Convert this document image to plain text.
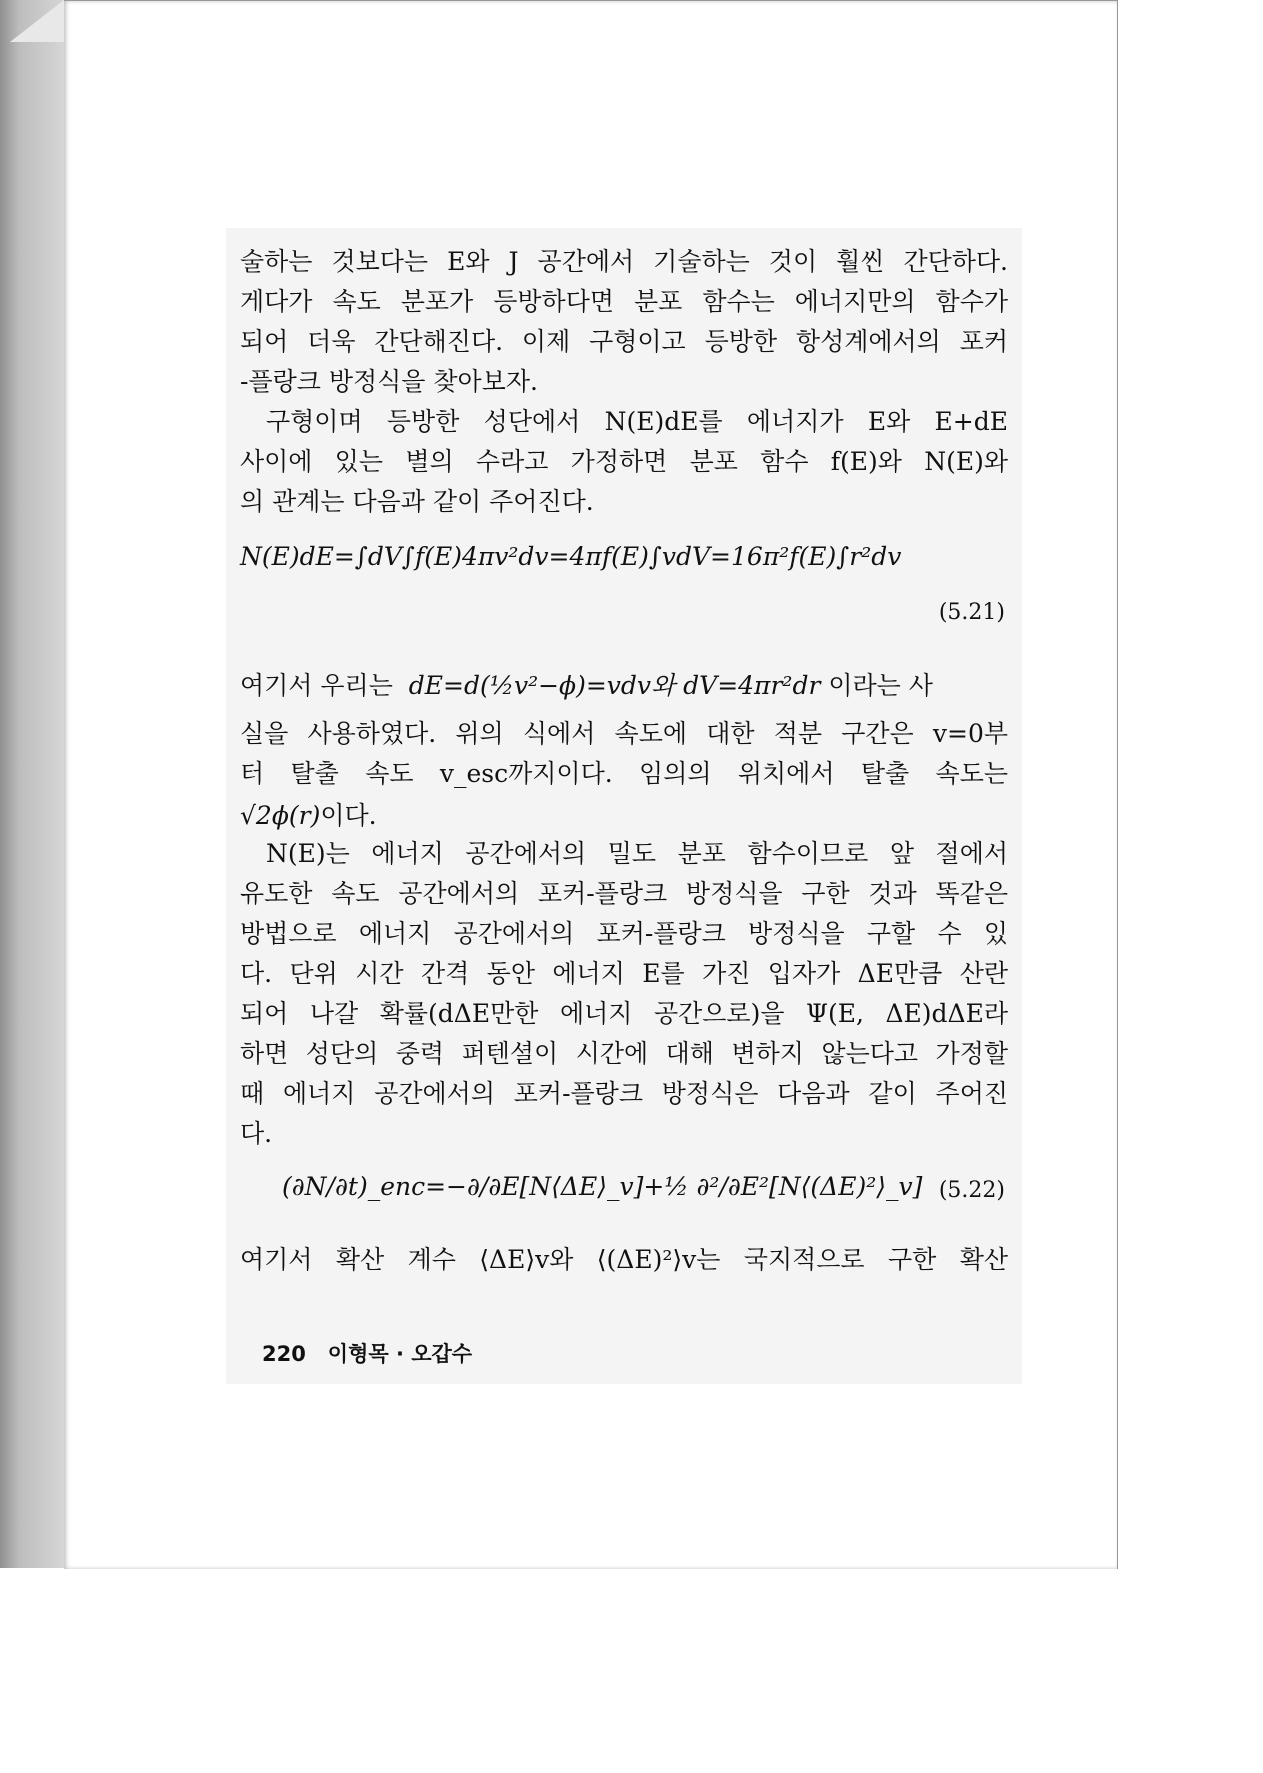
술하는 것보다는 E와 J 공간에서 기술하는 것이 훨씬 간단하다.
게다가 속도 분포가 등방하다면 분포 함수는 에너지만의 함수가
되어 더욱 간단해진다. 이제 구형이고 등방한 항성계에서의 포커
-플랑크 방정식을 찾아보자.
구형이며 등방한 성단에서 N(E)dE를 에너지가 E와 E+dE
사이에 있는 별의 수라고 가정하면 분포 함수 f(E)와 N(E)와
의 관계는 다음과 같이 주어진다.
N(E)dE=∫dV∫f(E)4πv²dv=4πf(E)∫vdV=16π²f(E)∫r²dv
(5.21)
여기서 우리는 dE=d(½v²−ϕ)=vdv와 dV=4πr²dr 이라는 사
실을 사용하였다. 위의 식에서 속도에 대한 적분 구간은 v=0부
터 탈출 속도 v_esc까지이다. 임의의 위치에서 탈출 속도는
√2ϕ(r)이다.
N(E)는 에너지 공간에서의 밀도 분포 함수이므로 앞 절에서
유도한 속도 공간에서의 포커-플랑크 방정식을 구한 것과 똑같은
방법으로 에너지 공간에서의 포커-플랑크 방정식을 구할 수 있
다. 단위 시간 간격 동안 에너지 E를 가진 입자가 ΔE만큼 산란
되어 나갈 확률(dΔE만한 에너지 공간으로)을 Ψ(E, ΔE)dΔE라
하면 성단의 중력 퍼텐셜이 시간에 대해 변하지 않는다고 가정할
때 에너지 공간에서의 포커-플랑크 방정식은 다음과 같이 주어진
다.
(∂N/∂t)_enc=−∂/∂E[N⟨ΔE⟩_v]+½ ∂²/∂E²[N⟨(ΔE)²⟩_v] (5.22)
여기서 확산 계수 ⟨ΔE⟩v와 ⟨(ΔE)²⟩v는 국지적으로 구한 확산
220 이형목 · 오갑수
